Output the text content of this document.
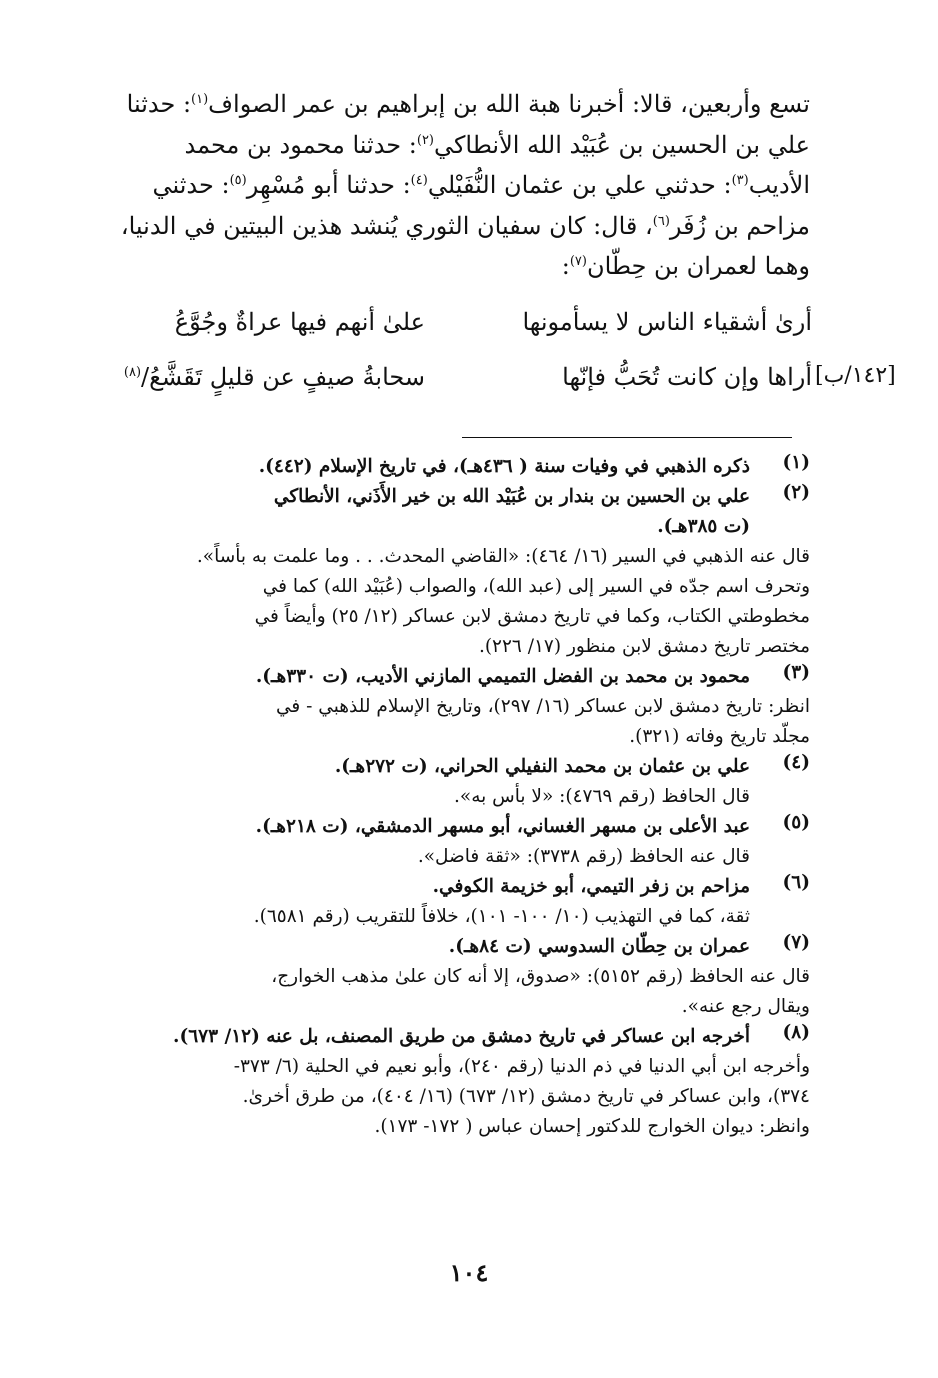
تسع وأربعين، قالا: أخبرنا هبة الله بن إبراهيم بن عمر الصواف$^{(١)}$: حدثنا

علي بن الحسين بن عُبَيْد الله الأنطاكي$^{(٢)}$: حدثنا محمود بن محمد

الأديب$^{(٣)}$: حدثني علي بن عثمان النُّفَيْلي$^{(٤)}$: حدثنا أبو مُسْهِر$^{(٥)}$: حدثني

مزاحم بن زُفَر$^{(٦)}$، قال: كان سفيان الثوري يُنشد هذين البيتين في الدنيا،

وهما لعمران بن حِطّان$^{(٧)}$:

أرىٰ أشقياء الناس لا يسأمونها
علىٰ أنهم فيها عراةٌ وجُوَّعُ
أراها وإن كانت تُحَبُّ فإنّها
سحابةُ صيفٍ عن قليلٍ تَقَشَّعُ/$^{(٨)}$	[١٤٢/ب]
(١)
ذكره الذهبي في وفيات سنة ( ٤٣٦هـ)، في تاريخ الإسلام (٤٤٢).
(٢)
علي بن الحسين بن بندار بن عُبَيْد الله بن خير الأَذَني، الأنطاكي
(ت ٣٨٥هـ).
قال عنه الذهبي في السير (١٦/ ٤٦٤): «القاضي المحدث. . . وما علمت به بأساً».
وتحرف اسم جدّه في السير إلى (عبد الله)، والصواب (عُبَيْد الله) كما في
مخطوطتي الكتاب، وكما في تاريخ دمشق لابن عساكر (١٢/ ٢٥) وأيضاً في
مختصر تاريخ دمشق لابن منظور (١٧/ ٢٢٦).
(٣)
محمود بن محمد بن الفضل التميمي المازني الأديب، (ت ٣٣٠هـ).
انظر: تاريخ دمشق لابن عساكر (١٦/ ٢٩٧)، وتاريخ الإسلام للذهبي - في
مجلّد تاريخ وفاته (٣٢١).
(٤)
علي بن عثمان بن محمد النفيلي الحراني، (ت ٢٧٢هـ).
قال الحافظ (رقم ٤٧٦٩): «لا بأس به».
(٥)
عبد الأعلى بن مسهر الغساني، أبو مسهر الدمشقي، (ت ٢١٨هـ).
قال عنه الحافظ (رقم ٣٧٣٨): «ثقة فاضل».
(٦)
مزاحم بن زفر التيمي، أبو خزيمة الكوفي.
ثقة، كما في التهذيب (١٠/ ١٠٠- ١٠١)، خلافاً للتقريب (رقم ٦٥٨١).
(٧)
عمران بن حِطّان السدوسي (ت ٨٤هـ).
قال عنه الحافظ (رقم ٥١٥٢): «صدوق، إلا أنه كان علىٰ مذهب الخوارج،
ويقال رجع عنه».
(٨)
أخرجه ابن عساكر في تاريخ دمشق من طريق المصنف، بل عنه (١٢/ ٦٧٣).
وأخرجه ابن أبي الدنيا في ذم الدنيا (رقم ٢٤٠)، وأبو نعيم في الحلية (٦/ ٣٧٣-
٣٧٤)، وابن عساكر في تاريخ دمشق (١٢/ ٦٧٣) (١٦/ ٤٠٤)، من طرق أخرىٰ.
وانظر: ديوان الخوارج للدكتور إحسان عباس ( ١٧٢- ١٧٣).
١٠٤
